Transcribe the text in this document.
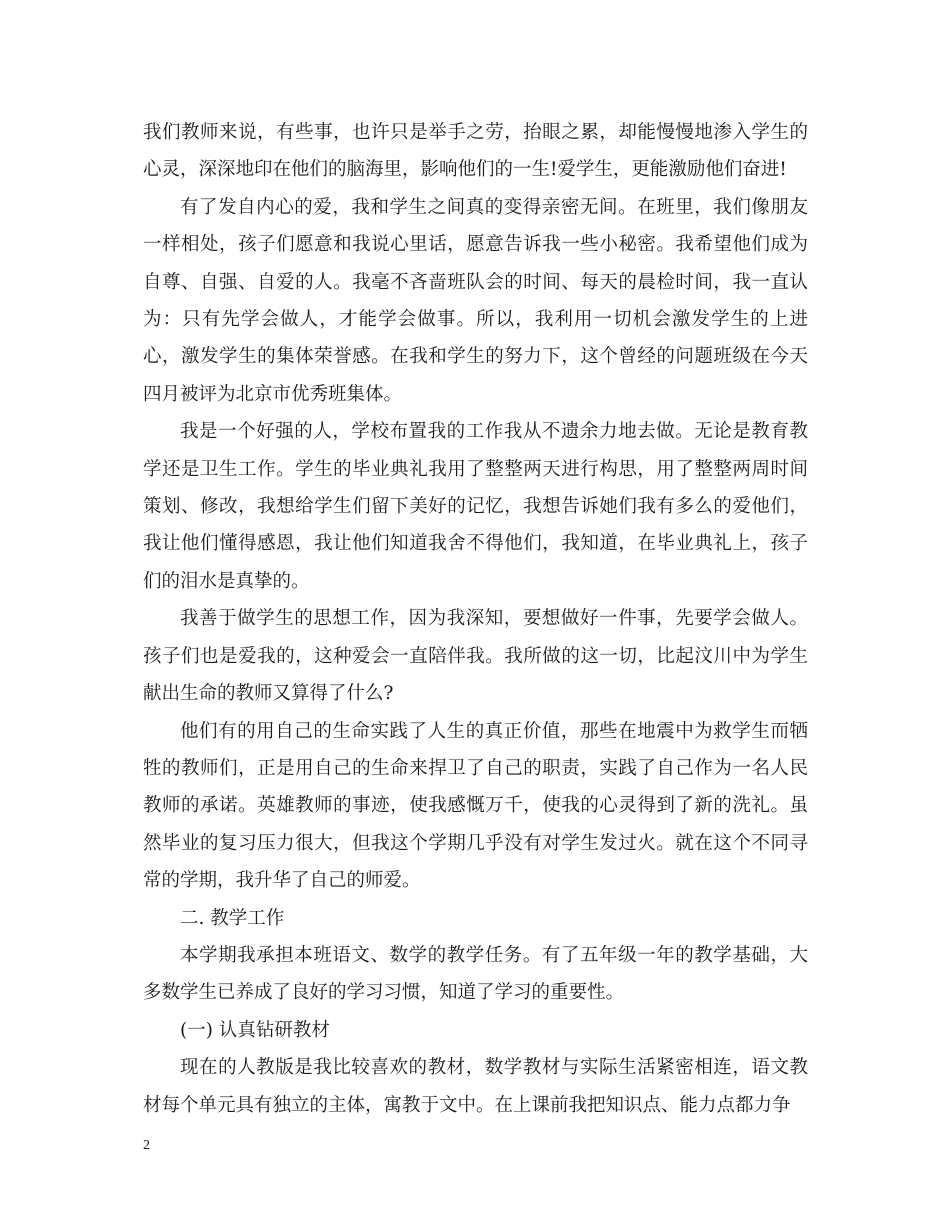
我们教师来说，有些事，也许只是举手之劳，抬眼之累，却能慢慢地渗入学生的心灵，深深地印在他们的脑海里，影响他们的一生!爱学生，更能激励他们奋进!

有了发自内心的爱，我和学生之间真的变得亲密无间。在班里，我们像朋友一样相处，孩子们愿意和我说心里话，愿意告诉我一些小秘密。我希望他们成为自尊、自强、自爱的人。我毫不吝啬班队会的时间、每天的晨检时间，我一直认为：只有先学会做人，才能学会做事。所以，我利用一切机会激发学生的上进心，激发学生的集体荣誉感。在我和学生的努力下，这个曾经的问题班级在今天四月被评为北京市优秀班集体。

我是一个好强的人，学校布置我的工作我从不遗余力地去做。无论是教育教学还是卫生工作。学生的毕业典礼我用了整整两天进行构思，用了整整两周时间策划、修改，我想给学生们留下美好的记忆，我想告诉她们我有多么的爱他们，我让他们懂得感恩，我让他们知道我舍不得他们，我知道，在毕业典礼上，孩子们的泪水是真挚的。

我善于做学生的思想工作，因为我深知，要想做好一件事，先要学会做人。孩子们也是爱我的，这种爱会一直陪伴我。我所做的这一切，比起汶川中为学生献出生命的教师又算得了什么?

他们有的用自己的生命实践了人生的真正价值，那些在地震中为救学生而牺牲的教师们，正是用自己的生命来捍卫了自己的职责，实践了自己作为一名人民教师的承诺。英雄教师的事迹，使我感慨万千，使我的心灵得到了新的洗礼。虽然毕业的复习压力很大，但我这个学期几乎没有对学生发过火。就在这个不同寻常的学期，我升华了自己的师爱。

二. 教学工作

本学期我承担本班语文、数学的教学任务。有了五年级一年的教学基础，大多数学生已养成了良好的学习习惯，知道了学习的重要性。

(一) 认真钻研教材

现在的人教版是我比较喜欢的教材，数学教材与实际生活紧密相连，语文教材每个单元具有独立的主体，寓教于文中。在上课前我把知识点、能力点都力争

2
